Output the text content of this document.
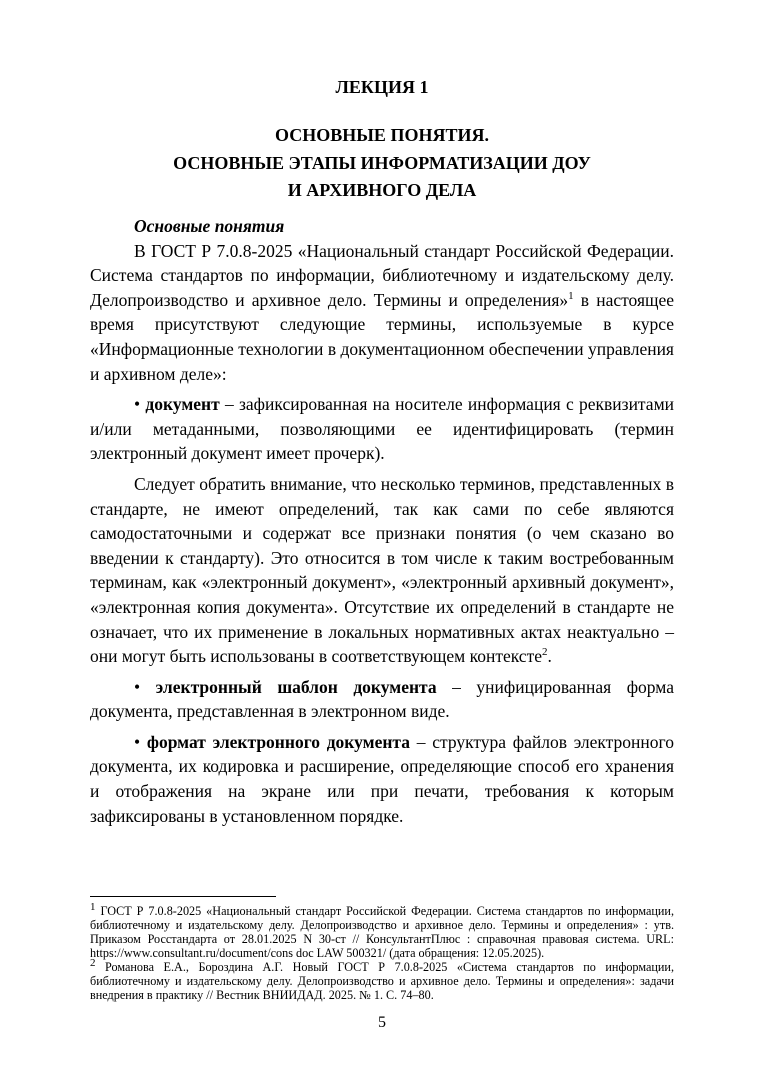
ЛЕКЦИЯ 1
ОСНОВНЫЕ ПОНЯТИЯ.
ОСНОВНЫЕ ЭТАПЫ ИНФОРМАТИЗАЦИИ ДОУ
И АРХИВНОГО ДЕЛА

Основные понятия

В ГОСТ Р 7.0.8-2025 «Национальный стандарт Российской Федерации. Система стандартов по информации, библиотечному и издательскому делу. Делопроизводство и архивное дело. Термины и определения»$^1$ в настоящее время присутствуют следующие термины, используемые в курсе «Информационные технологии в документационном обеспечении управления и архивном деле»:

• документ – зафиксированная на носителе информация с реквизитами и/или метаданными, позволяющими ее идентифицировать (термин электронный документ имеет прочерк).

Следует обратить внимание, что несколько терминов, представленных в стандарте, не имеют определений, так как сами по себе являются самодостаточными и содержат все признаки понятия (о чем сказано во введении к стандарту). Это относится в том числе к таким востребованным терминам, как «электронный документ», «электронный архивный документ», «электронная копия документа». Отсутствие их определений в стандарте не означает, что их применение в локальных нормативных актах неактуально – они могут быть использованы в соответствующем контексте$^2$.

• электронный шаблон документа – унифицированная форма документа, представленная в электронном виде.

• формат электронного документа – структура файлов электронного документа, их кодировка и расширение, определяющие способ его хранения и отображения на экране или при печати, требования к которым зафиксированы в установленном порядке.

$^1$ ГОСТ Р 7.0.8-2025 «Национальный стандарт Российской Федерации. Система стандартов по информации, библиотечному и издательскому делу. Делопроизводство и архивное дело. Термины и определения» : утв. Приказом Росстандарта от 28.01.2025 N 30-ст // КонсультантПлюс : справочная правовая система. URL: https://www.consultant.ru/document/cons doc LAW 500321/ (дата обращения: 12.05.2025).

$^2$ Романова Е.А., Бороздина А.Г. Новый ГОСТ Р 7.0.8-2025 «Система стандартов по информации, библиотечному и издательскому делу. Делопроизводство и архивное дело. Термины и определения»: задачи внедрения в практику // Вестник ВНИИДАД. 2025. № 1. С. 74–80.

5
